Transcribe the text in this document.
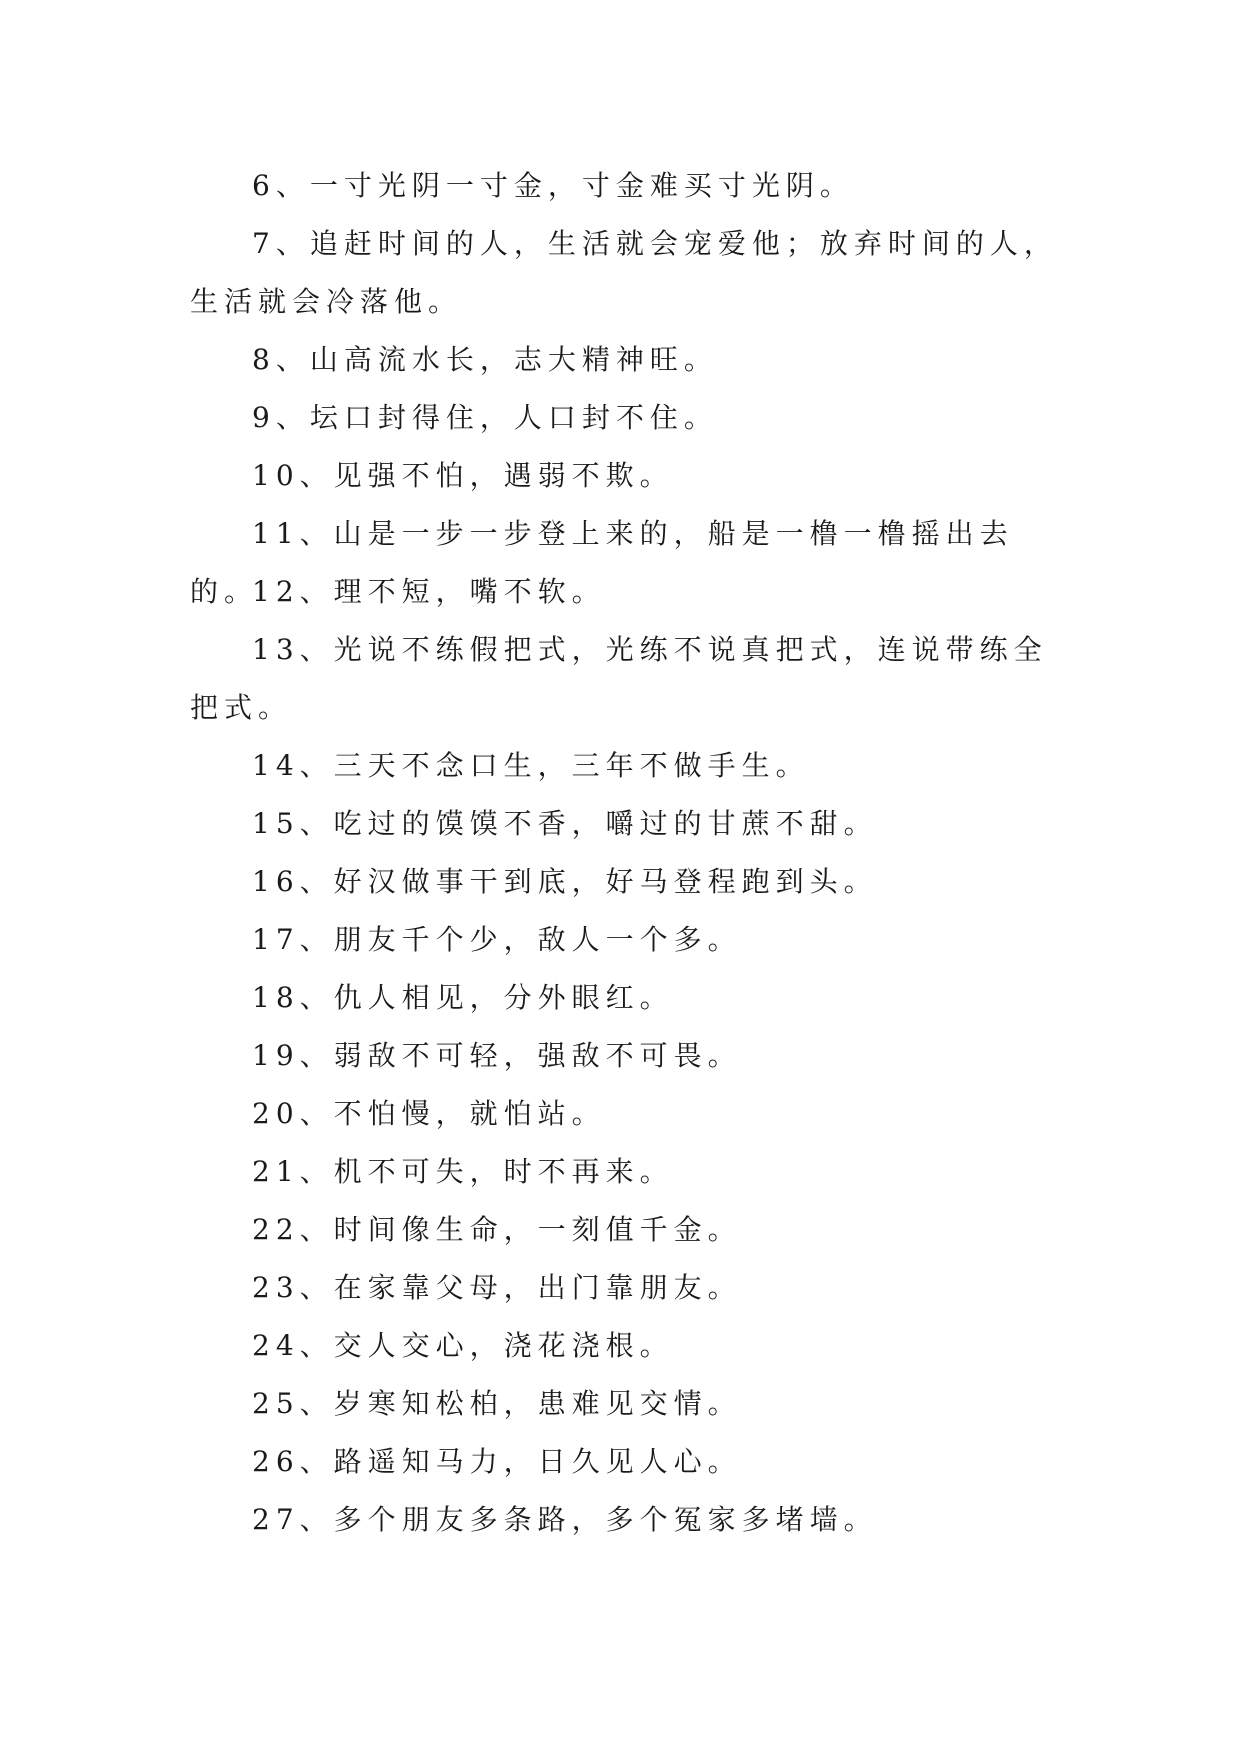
6、一寸光阴一寸金，寸金难买寸光阴。

7、追赶时间的人，生活就会宠爱他；放弃时间的人，生活就会冷落他。

8、山高流水长，志大精神旺。

9、坛口封得住，人口封不住。

10、见强不怕，遇弱不欺。

11、山是一步一步登上来的，船是一橹一橹摇出去的。

12、理不短，嘴不软。

13、光说不练假把式，光练不说真把式，连说带练全把式。

14、三天不念口生，三年不做手生。

15、吃过的馍馍不香，嚼过的甘蔗不甜。

16、好汉做事干到底，好马登程跑到头。

17、朋友千个少，敌人一个多。

18、仇人相见，分外眼红。

19、弱敌不可轻，强敌不可畏。

20、不怕慢，就怕站。

21、机不可失，时不再来。

22、时间像生命，一刻值千金。

23、在家靠父母，出门靠朋友。

24、交人交心，浇花浇根。

25、岁寒知松柏，患难见交情。

26、路遥知马力，日久见人心。

27、多个朋友多条路，多个冤家多堵墙。
